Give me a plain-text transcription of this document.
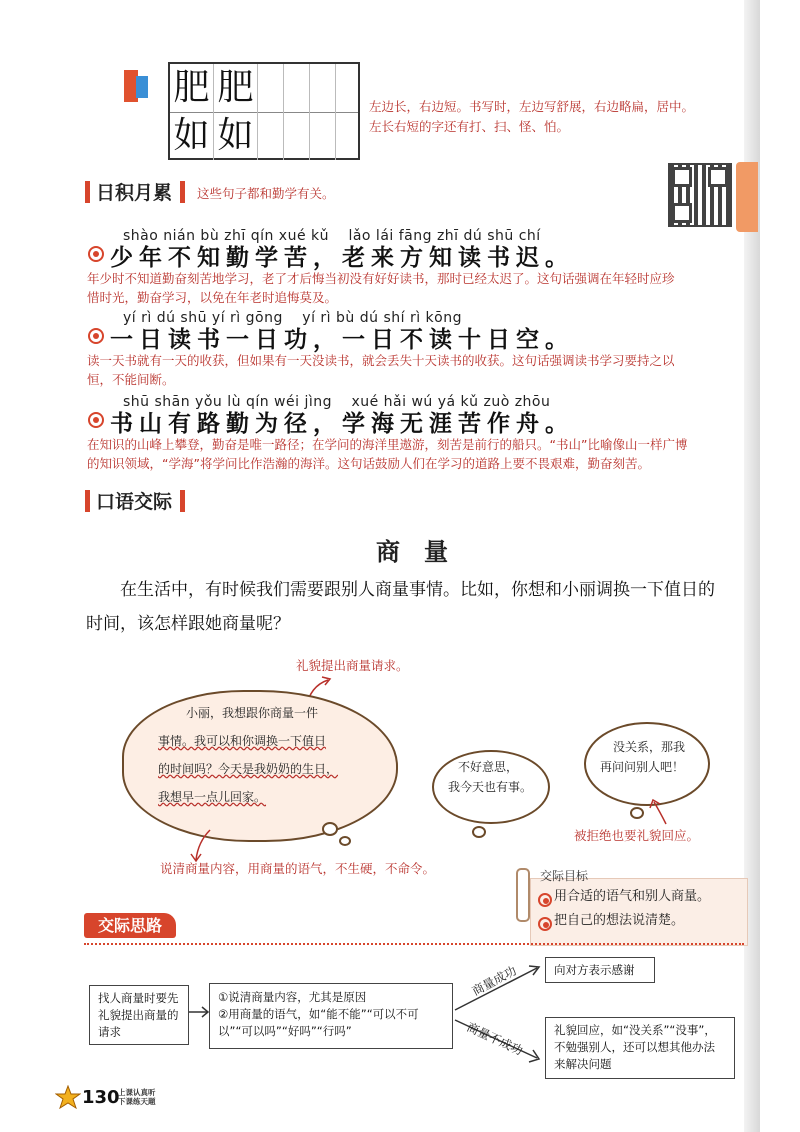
肥 肥
如 如
左边长，右边短。书写时，左边写舒展，右边略扁，居中。
左长右短的字还有打、扫、怪、怕。
日积月累 这些句子都和勤学有关。
shào nián bù zhī qín xué kǔ　 lǎo lái fāng zhī dú shū chí
少年不知勤学苦，老来方知读书迟。
年少时不知道勤奋刻苦地学习，老了才后悔当初没有好好读书，那时已经太迟了。这句话强调在年轻时应珍
惜时光，勤奋学习，以免在年老时追悔莫及。
yí rì dú shū yí rì gōng　 yí rì bù dú shí rì kōng
一日读书一日功，一日不读十日空。
读一天书就有一天的收获，但如果有一天没读书，就会丢失十天读书的收获。这句话强调读书学习要持之以
恒，不能间断。
shū shān yǒu lù qín wéi jìng　 xué hǎi wú yá kǔ zuò zhōu
书山有路勤为径，学海无涯苦作舟。
在知识的山峰上攀登，勤奋是唯一路径；在学问的海洋里遨游，刻苦是前行的船只。“书山”比喻像山一样广博
的知识领域，“学海”将学问比作浩瀚的海洋。这句话鼓励人们在学习的道路上要不畏艰难，勤奋刻苦。
口语交际
商　量
在生活中，有时候我们需要跟别人商量事情。比如，你想和小丽调换一下值日的
时间，该怎样跟她商量呢？
礼貌提出商量请求。
小丽，我想跟你商量一件
事情。我可以和你调换一下值日
的时间吗？今天是我奶奶的生日，
我想早一点儿回家。
不好意思，
我今天也有事。
没关系，那我
再问问别人吧！
被拒绝也要礼貌回应。
说清商量内容，用商量的语气，不生硬，不命令。	交际目标
用合适的语气和别人商量。
把自己的想法说清楚。
交际思路
找人商量时要先礼貌提出商量的请求
①说清商量内容，尤其是原因
②用商量的语气，如“能不能”“可以不可以”“可以吗”“好吗”“行吗”
商量成功
商量不成功
向对方表示感谢
礼貌回应，如“没关系”“没事”，不勉强别人，还可以想其他办法来解决问题
130
上课认真听
下课练天题
